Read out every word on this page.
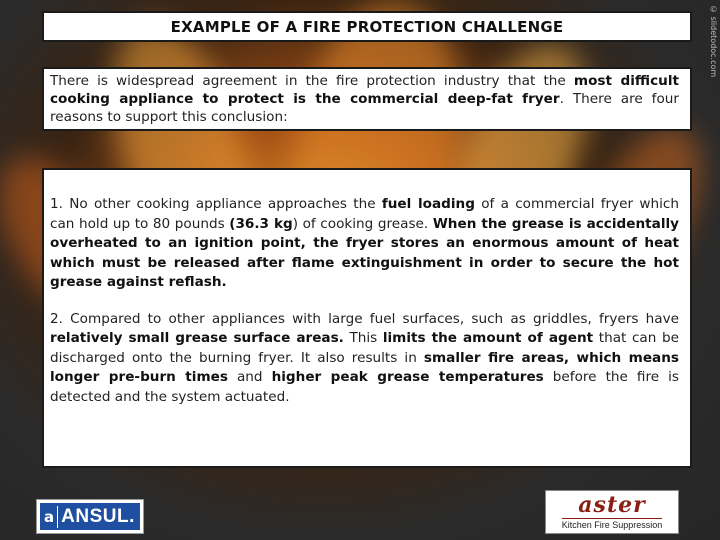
© slidetodoc.com
EXAMPLE OF A FIRE PROTECTION CHALLENGE
There is widespread agreement in the fire protection industry that the most difficult cooking appliance to protect is the commercial deep-fat fryer. There are four reasons to support this conclusion:

1. No other cooking appliance approaches the fuel loading of a commercial fryer which can hold up to 80 pounds (36.3 kg) of cooking grease. When the grease is accidentally overheated to an ignition point, the fryer stores an enormous amount of heat which must be released after flame extinguishment in order to secure the hot grease against reflash.

2. Compared to other appliances with large fuel surfaces, such as griddles, fryers have relatively small grease surface areas. This limits the amount of agent that can be discharged onto the burning fryer. It also results in smaller fire areas, which means longer pre-burn times and higher peak grease temperatures before the fire is detected and the system actuated.

a ANSUL.	aster
Kitchen Fire Suppression
